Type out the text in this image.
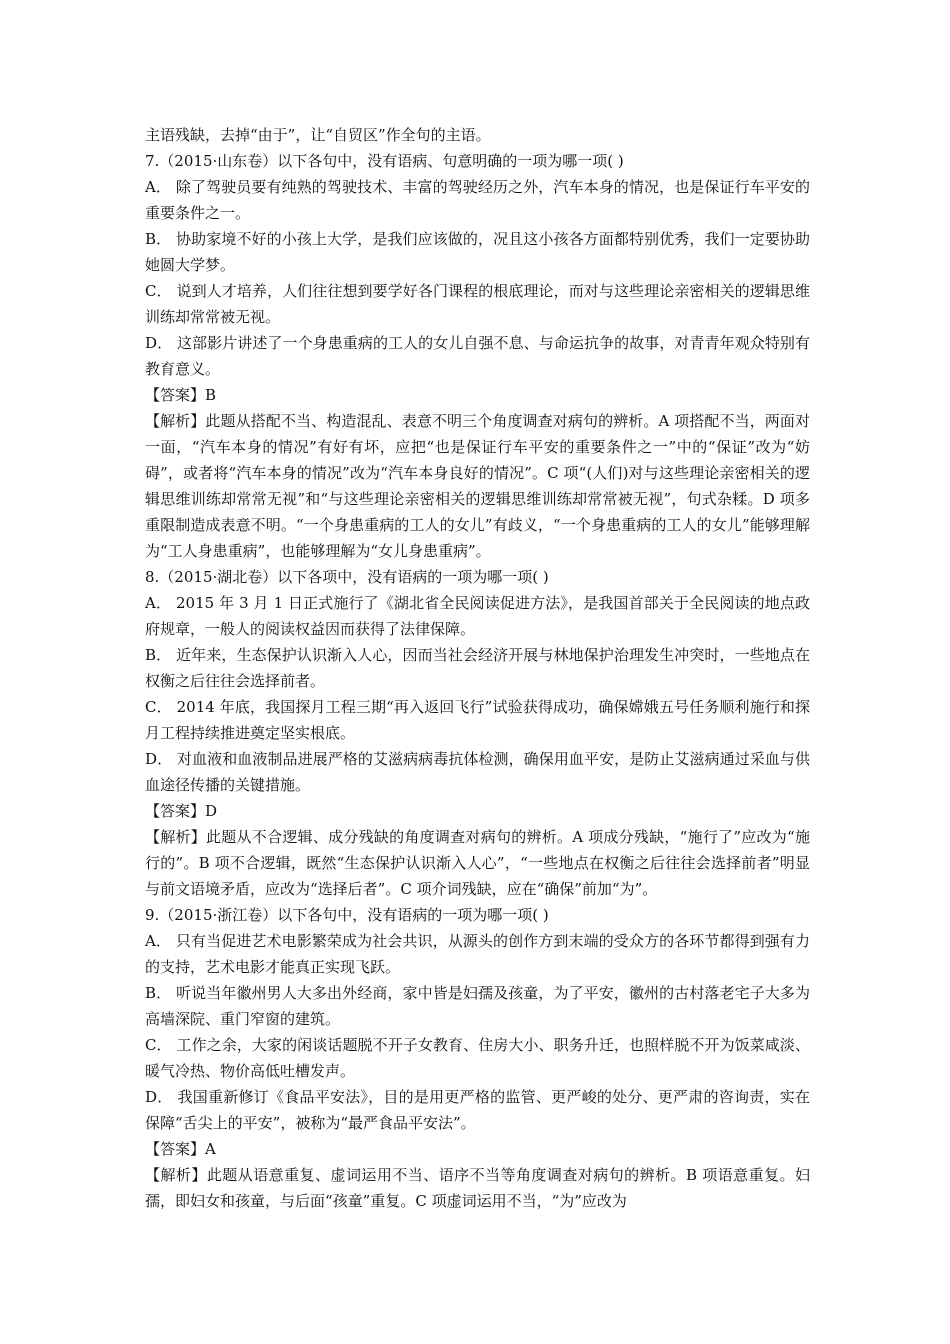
主语残缺，去掉“由于”，让“自贸区”作全句的主语。

7.（2015·山东卷）以下各句中，没有语病、句意明确的一项为哪一项( )

A． 除了驾驶员要有纯熟的驾驶技术、丰富的驾驶经历之外，汽车本身的情况，也是保证行车平安的重要条件之一。

B． 协助家境不好的小孩上大学，是我们应该做的，况且这小孩各方面都特别优秀，我们一定要协助她圆大学梦。

C． 说到人才培养，人们往往想到要学好各门课程的根底理论，而对与这些理论亲密相关的逻辑思维训练却常常被无视。

D． 这部影片讲述了一个身患重病的工人的女儿自强不息、与命运抗争的故事，对青青年观众特别有教育意义。

【答案】B

【解析】此题从搭配不当、构造混乱、表意不明三个角度调查对病句的辨析。A 项搭配不当，两面对一面，“汽车本身的情况”有好有坏，应把“也是保证行车平安的重要条件之一”中的“保证”改为“妨碍”，或者将“汽车本身的情况”改为“汽车本身良好的情况”。C 项“(人们)对与这些理论亲密相关的逻辑思维训练却常常无视”和“与这些理论亲密相关的逻辑思维训练却常常被无视”，句式杂糅。D 项多重限制造成表意不明。“一个身患重病的工人的女儿”有歧义，“一个身患重病的工人的女儿”能够理解为“工人身患重病”，也能够理解为“女儿身患重病”。

8.（2015·湖北卷）以下各项中，没有语病的一项为哪一项( )

A． 2015 年 3 月 1 日正式施行了《湖北省全民阅读促进方法》，是我国首部关于全民阅读的地点政府规章，一般人的阅读权益因而获得了法律保障。

B． 近年来，生态保护认识渐入人心，因而当社会经济开展与林地保护治理发生冲突时，一些地点在权衡之后往往会选择前者。

C． 2014 年底，我国探月工程三期“再入返回飞行”试验获得成功，确保嫦娥五号任务顺利施行和探月工程持续推进奠定坚实根底。

D． 对血液和血液制品进展严格的艾滋病病毒抗体检测，确保用血平安，是防止艾滋病通过采血与供血途径传播的关键措施。

【答案】D

【解析】此题从不合逻辑、成分残缺的角度调查对病句的辨析。A 项成分残缺，“施行了”应改为“施行的”。B 项不合逻辑，既然“生态保护认识渐入人心”，“一些地点在权衡之后往往会选择前者”明显与前文语境矛盾，应改为“选择后者”。C 项介词残缺，应在“确保”前加“为”。

9.（2015·浙江卷）以下各句中，没有语病的一项为哪一项( )

A． 只有当促进艺术电影繁荣成为社会共识，从源头的创作方到末端的受众方的各环节都得到强有力的支持，艺术电影才能真正实现飞跃。

B． 听说当年徽州男人大多出外经商，家中皆是妇孺及孩童，为了平安，徽州的古村落老宅子大多为高墙深院、重门窄窗的建筑。

C． 工作之余，大家的闲谈话题脱不开子女教育、住房大小、职务升迁，也照样脱不开为饭菜咸淡、暖气冷热、物价高低吐槽发声。

D． 我国重新修订《食品平安法》，目的是用更严格的监管、更严峻的处分、更严肃的咨询责，实在保障“舌尖上的平安”，被称为“最严食品平安法”。

【答案】A

【解析】此题从语意重复、虚词运用不当、语序不当等角度调查对病句的辨析。B 项语意重复。妇孺，即妇女和孩童，与后面“孩童”重复。C 项虚词运用不当，“为”应改为
